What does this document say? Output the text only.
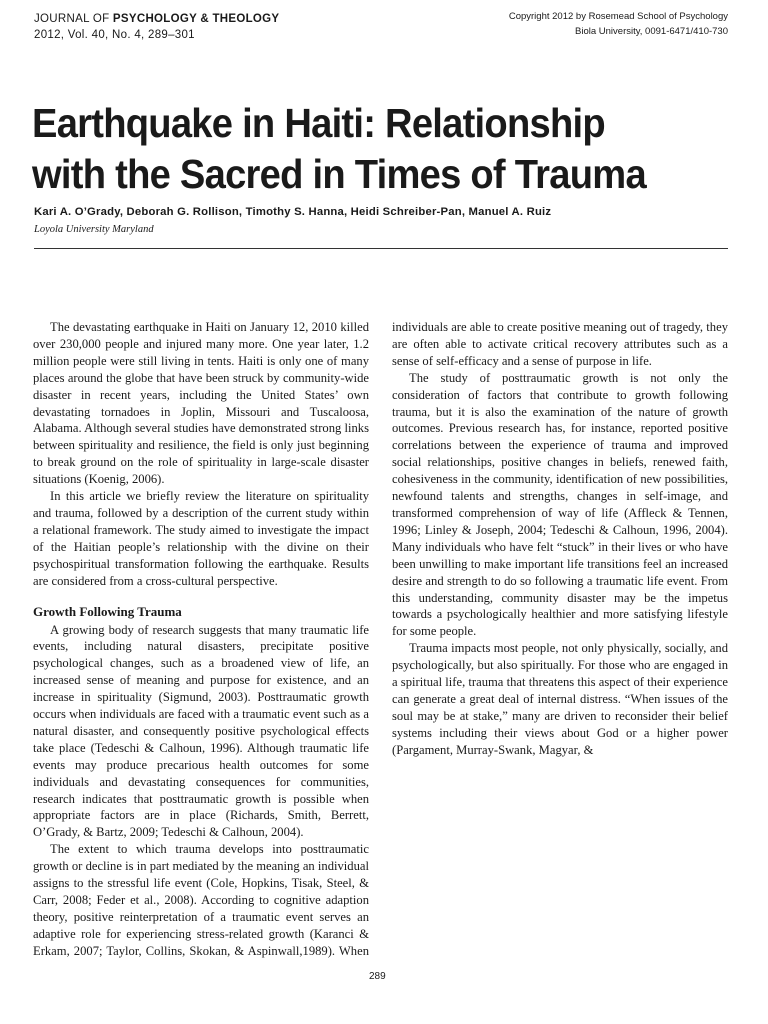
JOURNAL OF PSYCHOLOGY & THEOLOGY
2012, Vol. 40, No. 4, 289–301
Copyright 2012 by Rosemead School of Psychology
Biola University, 0091-6471/410-730
Earthquake in Haiti: Relationship with the Sacred in Times of Trauma
Kari A. O’Grady, Deborah G. Rollison, Timothy S. Hanna, Heidi Schreiber-Pan, Manuel A. Ruiz
Loyola University Maryland

The devastating earthquake in Haiti on January 12, 2010 killed over 230,000 people and injured many more. One year later, 1.2 million people were still living in tents. Haiti is only one of many places around the globe that have been struck by community-wide disaster in recent years, including the United States’ own devastating tornadoes in Joplin, Missouri and Tuscaloosa, Alabama. Although several studies have demonstrated strong links between spirituality and resilience, the field is only just beginning to break ground on the role of spirituality in large-scale disaster situations (Koenig, 2006).

In this article we briefly review the literature on spirituality and trauma, followed by a description of the current study within a relational framework. The study aimed to investigate the impact of the Haitian people’s relationship with the divine on their psychospiritual transformation following the earthquake. Results are considered from a cross-cultural perspective.

Growth Following Trauma

A growing body of research suggests that many traumatic life events, including natural disasters, precipitate positive psychological changes, such as a broadened view of life, an increased sense of meaning and purpose for existence, and an increase in spirituality (Sigmund, 2003). Posttraumatic growth occurs when individuals are faced with a traumatic event such as a natural disaster, and consequently positive psychological effects take place (Tedeschi & Calhoun, 1996). Although traumatic life events may produce precarious health outcomes for some individuals and devastating consequences for communities, research indicates that posttraumatic growth is possible when appropriate factors are in place (Richards, Smith, Berrett, O’Grady, & Bartz, 2009; Tedeschi & Calhoun, 2004).

The extent to which trauma develops into posttraumatic growth or decline is in part mediated by the meaning an individual assigns to the stressful life event (Cole, Hopkins, Tisak, Steel, & Carr, 2008; Feder et al., 2008). According to cognitive adaption theory, positive reinterpretation of a traumatic event serves an adaptive role for experiencing stress-related growth (Karanci & Erkam, 2007; Taylor, Collins, Skokan, & Aspinwall,1989). When

individuals are able to create positive meaning out of tragedy, they are often able to activate critical recovery attributes such as a sense of self-efficacy and a sense of purpose in life.

The study of posttraumatic growth is not only the consideration of factors that contribute to growth following trauma, but it is also the examination of the nature of growth outcomes. Previous research has, for instance, reported positive correlations between the experience of trauma and improved social relationships, positive changes in beliefs, renewed faith, cohesiveness in the community, identification of new possibilities, newfound talents and strengths, changes in self-image, and transformed comprehension of way of life (Affleck & Tennen, 1996; Linley & Joseph, 2004; Tedeschi & Calhoun, 1996, 2004). Many individuals who have felt “stuck” in their lives or who have been unwilling to make important life transitions feel an increased desire and strength to do so following a traumatic life event. From this understanding, community disaster may be the impetus towards a psychologically healthier and more satisfying lifestyle for some people.

Trauma impacts most people, not only physically, socially, and psychologically, but also spiritually. For those who are engaged in a spiritual life, trauma that threatens this aspect of their experience can generate a great deal of internal distress. “When issues of the soul may be at stake,” many are driven to reconsider their belief systems including their views about God or a higher power (Pargament, Murray-Swank, Magyar, &

289
